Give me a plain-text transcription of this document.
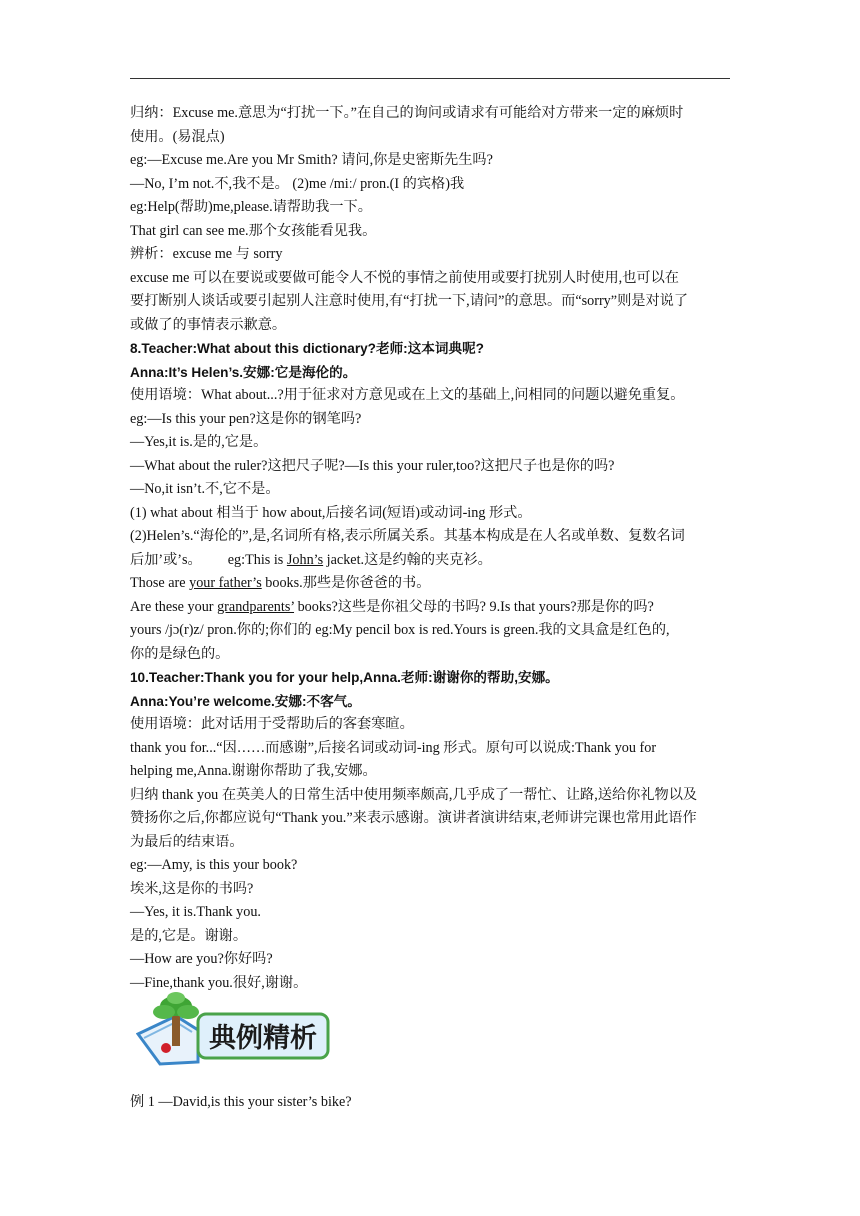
归纳：Excuse me.意思为“打扰一下。”在自己的询问或请求有可能给对方带来一定的麻烦时

使用。(易混点)

eg:—Excuse me.Are you Mr Smith? 请问,你是史密斯先生吗?

—No, I’m not.不,我不是。 (2)me /miː/ pron.(I 的宾格)我

eg:Help(帮助)me,please.请帮助我一下。

That girl can see me.那个女孩能看见我。

辨析：excuse me 与 sorry

excuse me 可以在要说或要做可能令人不悦的事情之前使用或要打扰别人时使用,也可以在

要打断别人谈话或要引起别人注意时使用,有“打扰一下,请问”的意思。而“sorry”则是对说了

或做了的事情表示歉意。

8.Teacher:What about this dictionary?老师:这本词典呢?

Anna:It’s Helen’s.安娜:它是海伦的。

使用语境：What about...?用于征求对方意见或在上文的基础上,问相同的问题以避免重复。

eg:—Is this your pen?这是你的钢笔吗?

—Yes,it is.是的,它是。

—What about the ruler?这把尺子呢?—Is this your ruler,too?这把尺子也是你的吗?

—No,it isn’t.不,它不是。

(1) what about 相当于 how about,后接名词(短语)或动词-ing 形式。

(2)Helen’s.“海伦的”,是,名词所有格,表示所属关系。其基本构成是在人名或单数、复数名词

后加’或’s。 eg:This is John’s jacket.这是约翰的夹克衫。

Those are your father’s books.那些是你爸爸的书。

Are these your grandparents’ books?这些是你祖父母的书吗? 9.Is that yours?那是你的吗?

yours /jɔ(r)z/ pron.你的;你们的 eg:My pencil box is red.Yours is green.我的文具盒是红色的,

你的是绿色的。

10.Teacher:Thank you for your help,Anna.老师:谢谢你的帮助,安娜。

Anna:You’re welcome.安娜:不客气。

使用语境：此对话用于受帮助后的客套寒暄。

thank you for...“因……而感谢”,后接名词或动词-ing 形式。原句可以说成:Thank you for

helping me,Anna.谢谢你帮助了我,安娜。

归纳 thank you 在英美人的日常生活中使用频率颇高,几乎成了一帮忙、让路,送给你礼物以及

赞扬你之后,你都应说句“Thank you.”来表示感谢。演讲者演讲结束,老师讲完课也常用此语作

为最后的结束语。

eg:—Amy, is this your book?

埃米,这是你的书吗?

—Yes, it is.Thank you.

是的,它是。谢谢。

—How are you?你好吗?

—Fine,thank you.很好,谢谢。

典例精析

例 1 —David,is this your sister’s bike?
